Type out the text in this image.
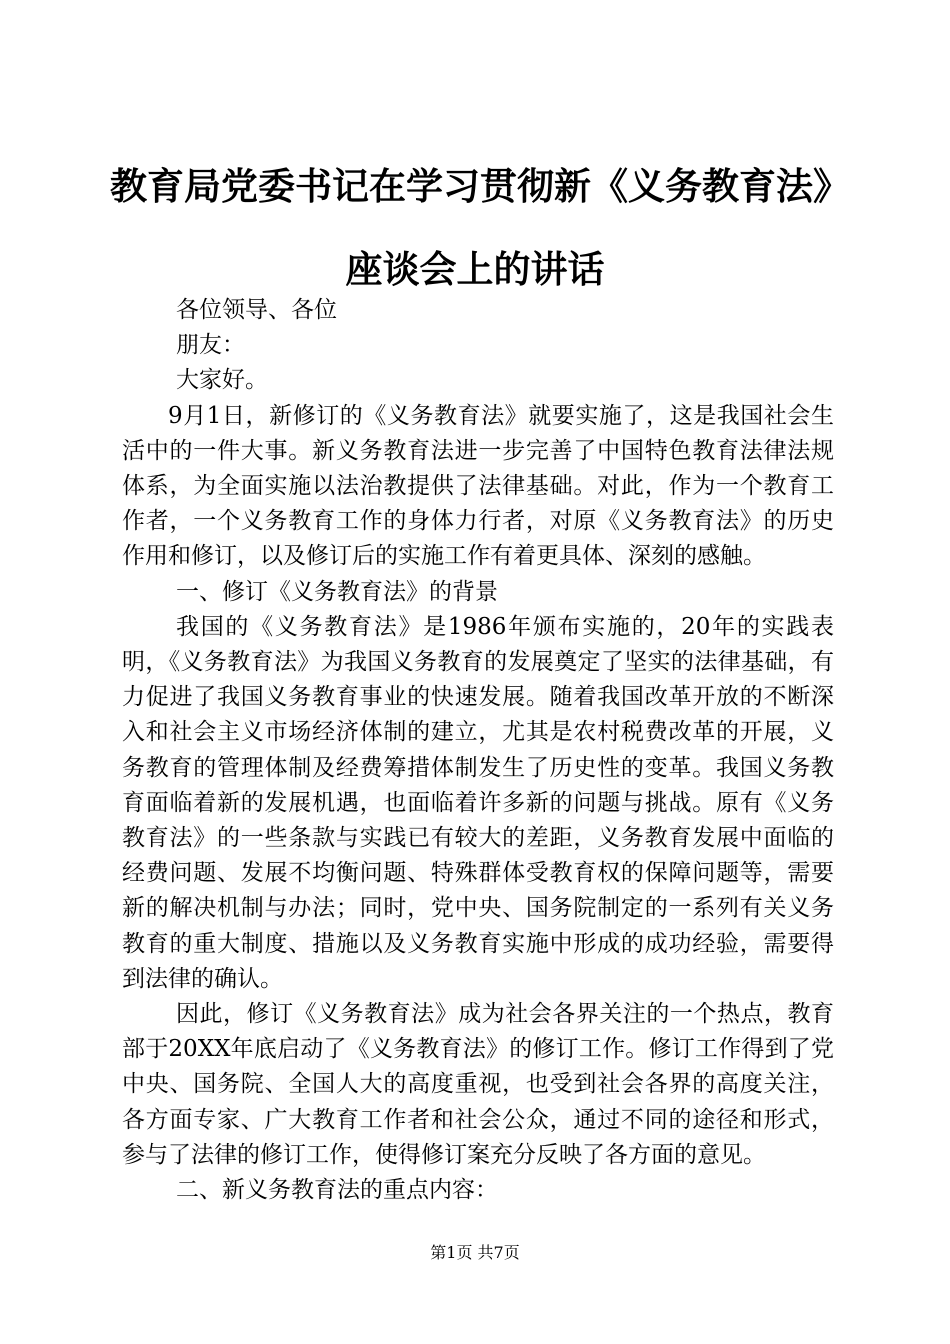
教育局党委书记在学习贯彻新《义务教育法》
座谈会上的讲话

各位领导、各位

朋友：

大家好。

9月1日，新修订的《义务教育法》就要实施了，这是我国社会生活中的一件大事。新义务教育法进一步完善了中国特色教育法律法规体系，为全面实施以法治教提供了法律基础。对此，作为一个教育工作者，一个义务教育工作的身体力行者，对原《义务教育法》的历史作用和修订，以及修订后的实施工作有着更具体、深刻的感触。

一、修订《义务教育法》的背景

我国的《义务教育法》是1986年颁布实施的，20年的实践表明，《义务教育法》为我国义务教育的发展奠定了坚实的法律基础，有力促进了我国义务教育事业的快速发展。随着我国改革开放的不断深入和社会主义市场经济体制的建立，尤其是农村税费改革的开展，义务教育的管理体制及经费筹措体制发生了历史性的变革。我国义务教育面临着新的发展机遇，也面临着许多新的问题与挑战。原有《义务教育法》的一些条款与实践已有较大的差距，义务教育发展中面临的经费问题、发展不均衡问题、特殊群体受教育权的保障问题等，需要新的解决机制与办法；同时，党中央、国务院制定的一系列有关义务教育的重大制度、措施以及义务教育实施中形成的成功经验，需要得到法律的确认。

因此，修订《义务教育法》成为社会各界关注的一个热点，教育部于20XX年底启动了《义务教育法》的修订工作。修订工作得到了党中央、国务院、全国人大的高度重视，也受到社会各界的高度关注，各方面专家、广大教育工作者和社会公众，通过不同的途径和形式，参与了法律的修订工作，使得修订案充分反映了各方面的意见。

二、新义务教育法的重点内容：

第1页 共7页
